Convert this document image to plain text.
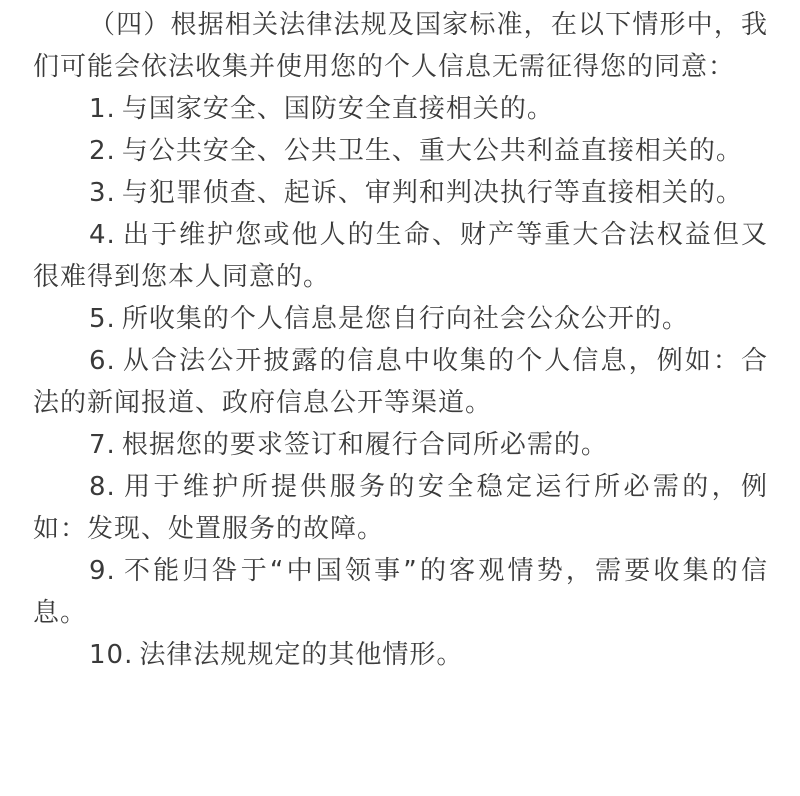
（四）根据相关法律法规及国家标准，在以下情形中，我们可能会依法收集并使用您的个人信息无需征得您的同意：

1. 与国家安全、国防安全直接相关的。

2. 与公共安全、公共卫生、重大公共利益直接相关的。

3. 与犯罪侦查、起诉、审判和判决执行等直接相关的。

4. 出于维护您或他人的生命、财产等重大合法权益但又很难得到您本人同意的。

5. 所收集的个人信息是您自行向社会公众公开的。

6. 从合法公开披露的信息中收集的个人信息，例如：合法的新闻报道、政府信息公开等渠道。

7. 根据您的要求签订和履行合同所必需的。

8. 用于维护所提供服务的安全稳定运行所必需的，例如：发现、处置服务的故障。

9. 不能归咎于“中国领事”的客观情势，需要收集的信息。

10. 法律法规规定的其他情形。
